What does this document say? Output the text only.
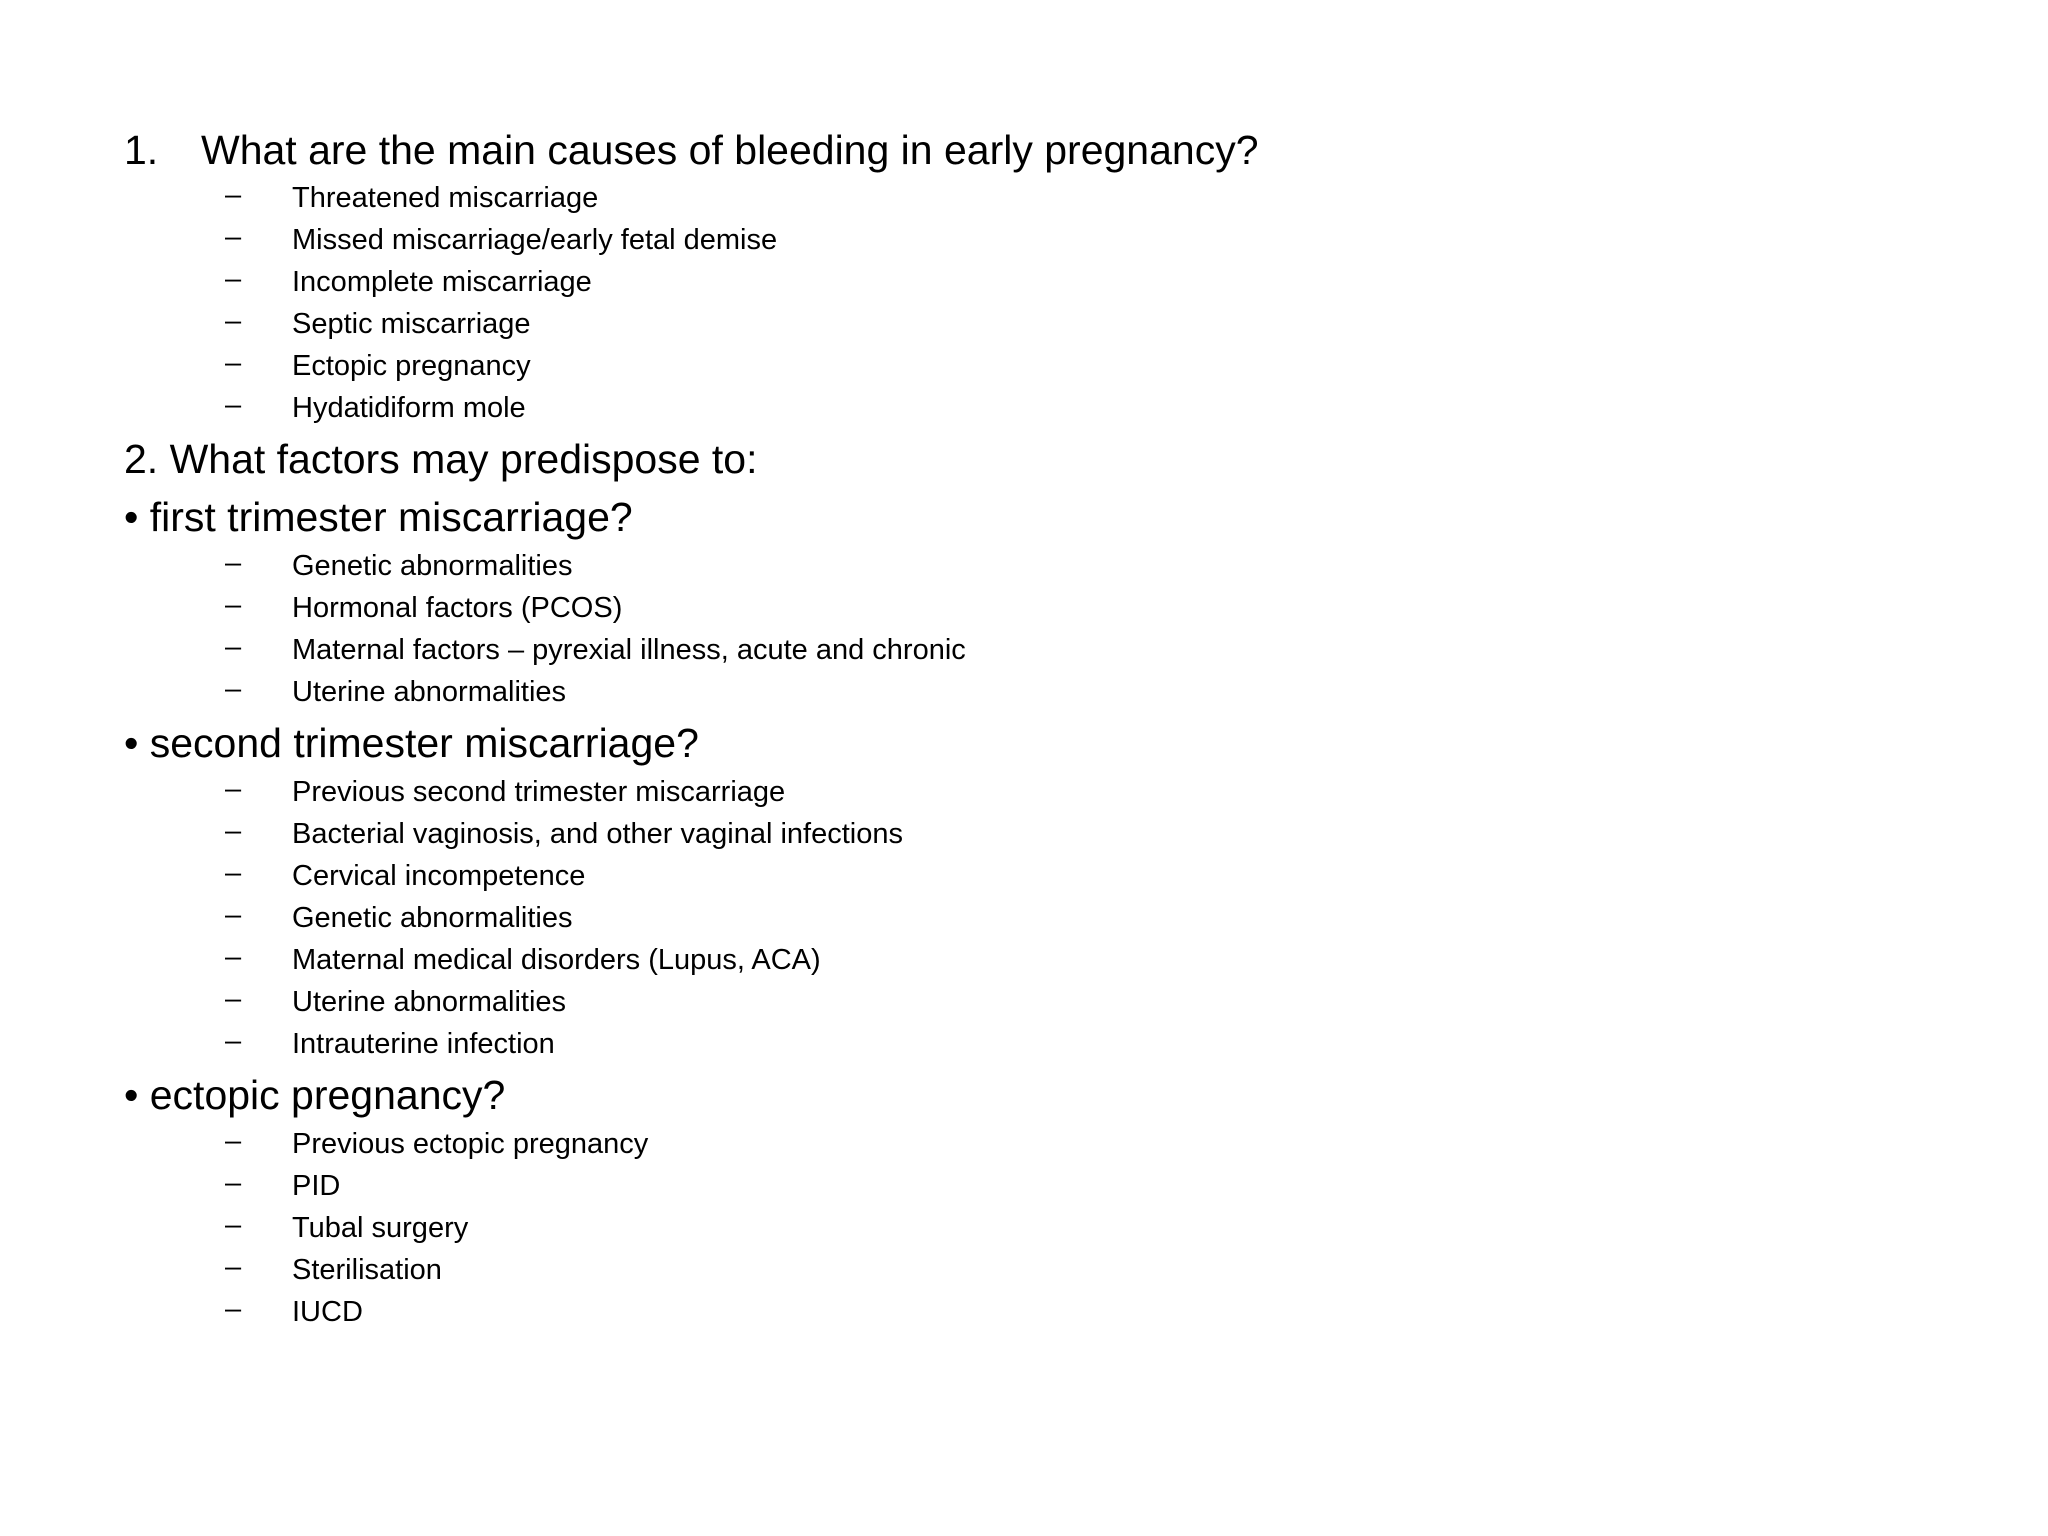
1. What are the main causes of bleeding in early pregnancy?
– Threatened miscarriage
– Missed miscarriage/early fetal demise
– Incomplete miscarriage
– Septic miscarriage
– Ectopic pregnancy
– Hydatidiform mole
2. What factors may predispose to:
• first trimester miscarriage?
– Genetic abnormalities
– Hormonal factors (PCOS)
– Maternal factors – pyrexial illness, acute and chronic
– Uterine abnormalities
• second trimester miscarriage?
– Previous second trimester miscarriage
– Bacterial vaginosis, and other vaginal infections
– Cervical incompetence
– Genetic abnormalities
– Maternal medical disorders (Lupus, ACA)
– Uterine abnormalities
– Intrauterine infection
• ectopic pregnancy?
– Previous ectopic pregnancy
– PID
– Tubal surgery
– Sterilisation
– IUCD
